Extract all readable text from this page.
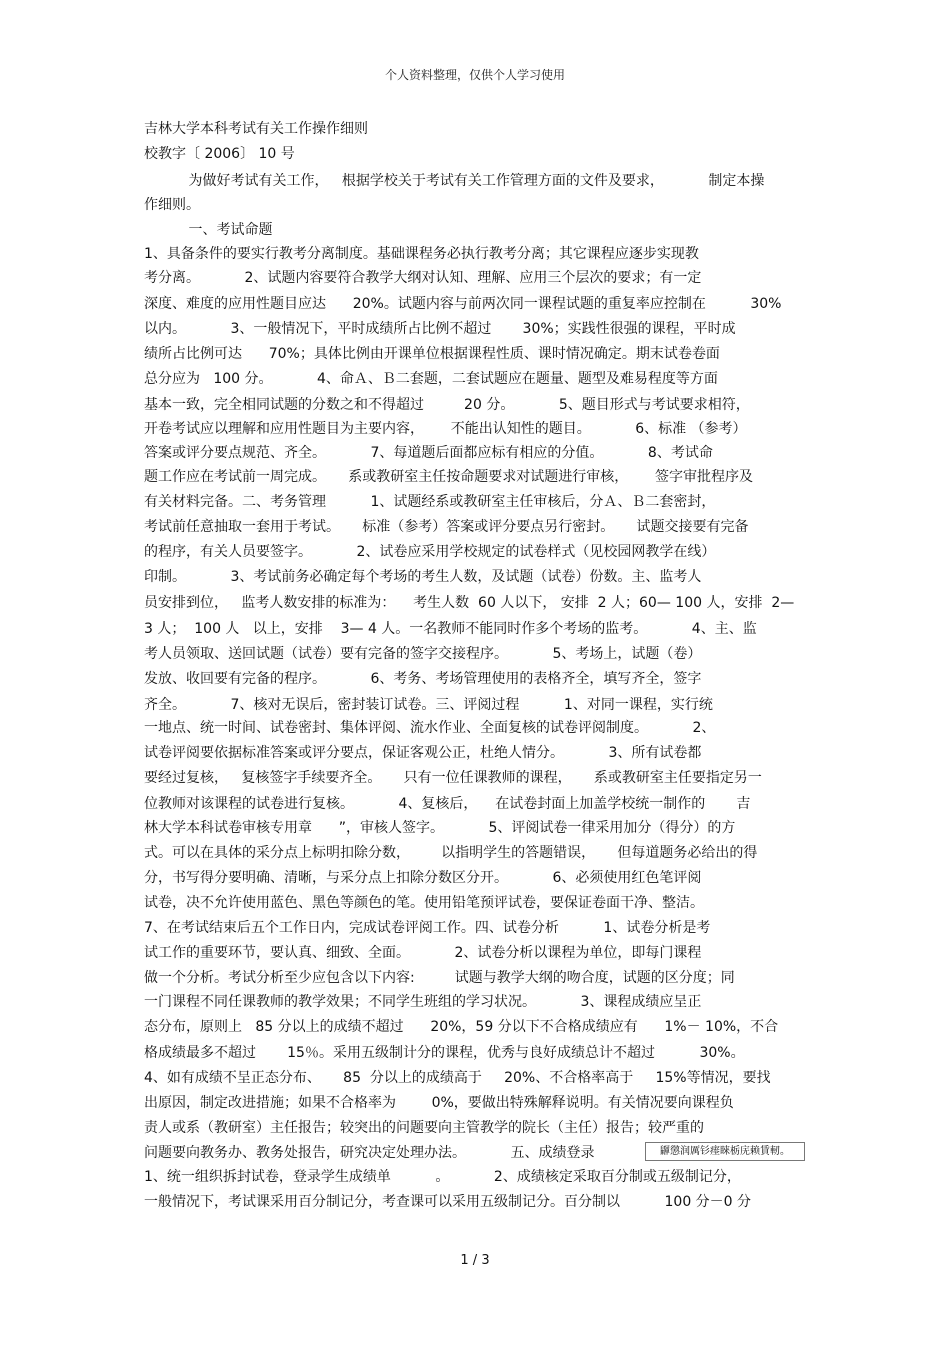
个人资料整理，仅供个人学习使用
吉林大学本科考试有关工作操作细则
校教字〔 2006〕 10 号
为做好考试有关工作，   根据学校关于考试有关工作管理方面的文件及要求，          制定本操
作细则。
一、考试命题
1、具备条件的要实行教考分离制度。基础课程务必执行教考分离；其它课程应逐步实现教
考分离。          2、试题内容要符合教学大纲对认知、理解、应用三个层次的要求；有一定
深度、难度的应用性题目应达      20%。试题内容与前两次同一课程试题的重复率应控制在          30%
以内。          3、一般情况下，平时成绩所占比例不超过       30%；实践性很强的课程，平时成
绩所占比例可达      70%；具体比例由开课单位根据课程性质、课时情况确定。期末试卷卷面
总分应为   100 分。          4、命Ａ、Ｂ二套题，二套试题应在题量、题型及难易程度等方面
基本一致，完全相同试题的分数之和不得超过         20 分。          5、题目形式与考试要求相符，
开卷考试应以理解和应用性题目为主要内容，      不能出认知性的题目。          6、标准 （参考）
答案或评分要点规范、齐全。          7、每道题后面都应标有相应的分值。          8、考试命
题工作应在考试前一周完成。     系或教研室主任按命题要求对试题进行审核，      签字审批程序及
有关材料完备。二、考务管理          1、试题经系或教研室主任审核后，分Ａ、Ｂ二套密封，
考试前任意抽取一套用于考试。     标准（参考）答案或评分要点另行密封。     试题交接要有完备
的程序，有关人员要签字。          2、试卷应采用学校规定的试卷样式（见校园网教学在线）
印制。          3、考试前务必确定每个考场的考生人数，及试题（试卷）份数。主、监考人
员安排到位，   监考人数安排的标准为：    考生人数  60 人以下， 安排  2 人；60— 100 人，安排  2—
3 人；  100 人   以上，安排    3— 4 人。一名教师不能同时作多个考场的监考。          4、主、监
考人员领取、送回试题（试卷）要有完备的签字交接程序。          5、考场上，试题（卷）
发放、收回要有完备的程序。          6、考务、考场管理使用的表格齐全，填写齐全，签字
齐全。          7、核对无误后，密封装订试卷。三、评阅过程          1、对同一课程，实行统
一地点、统一时间、试卷密封、集体评阅、流水作业、全面复核的试卷评阅制度。          2、
试卷评阅要依据标准答案或评分要点，保证客观公正，杜绝人情分。          3、所有试卷都
要经过复核，   复核签字手续要齐全。     只有一位任课教师的课程，     系或教研室主任要指定另一
位教师对该课程的试卷进行复核。          4、复核后，    在试卷封面上加盖学校统一制作的       吉
林大学本科试卷审核专用章      ”，审核人签字。          5、评阅试卷一律采用加分（得分）的方
式。可以在具体的采分点上标明扣除分数，       以指明学生的答题错误，     但每道题务必给出的得
分，书写得分要明确、清晰，与采分点上扣除分数区分开。          6、必须使用红色笔评阅
试卷，决不允许使用蓝色、黑色等颜色的笔。使用铅笔预评试卷，要保证卷面干净、整洁。
7、在考试结束后五个工作日内，完成试卷评阅工作。四、试卷分析          1、试卷分析是考
试工作的重要环节，要认真、细致、全面。          2、试卷分析以课程为单位，即每门课程
做一个分析。考试分析至少应包含以下内容:         试题与教学大纲的吻合度，试题的区分度；同
一门课程不同任课教师的教学效果；不同学生班组的学习状况。          3、课程成绩应呈正
态分布，原则上   85 分以上的成绩不超过      20%，59 分以下不合格成绩应有      1%－ 10%，不合
格成绩最多不超过       15％。采用五级制计分的课程，优秀与良好成绩总计不超过          30%。
4、如有成绩不呈正态分布、     85  分以上的成绩高于     20%、不合格率高于     15%等情况，要找
出原因，制定改进措施；如果不合格率为        0%，要做出特殊解释说明。有关情况要向课程负
责人或系（教研室）主任报告；较突出的问题要向主管教学的院长（主任）报告；较严重的
问题要向教务办、教务处报告，研究决定处理办法。          五、成绩登录
1、统一组织拆封试卷，登录学生成绩单          。          2、成绩核定采取百分制或五级制记分，
一般情况下，考试课采用百分制记分，考查课可以采用五级制记分。百分制以          100 分－0 分
鼲懲润厲钐瘗睞栃庑赖賃軔。
1 / 3
